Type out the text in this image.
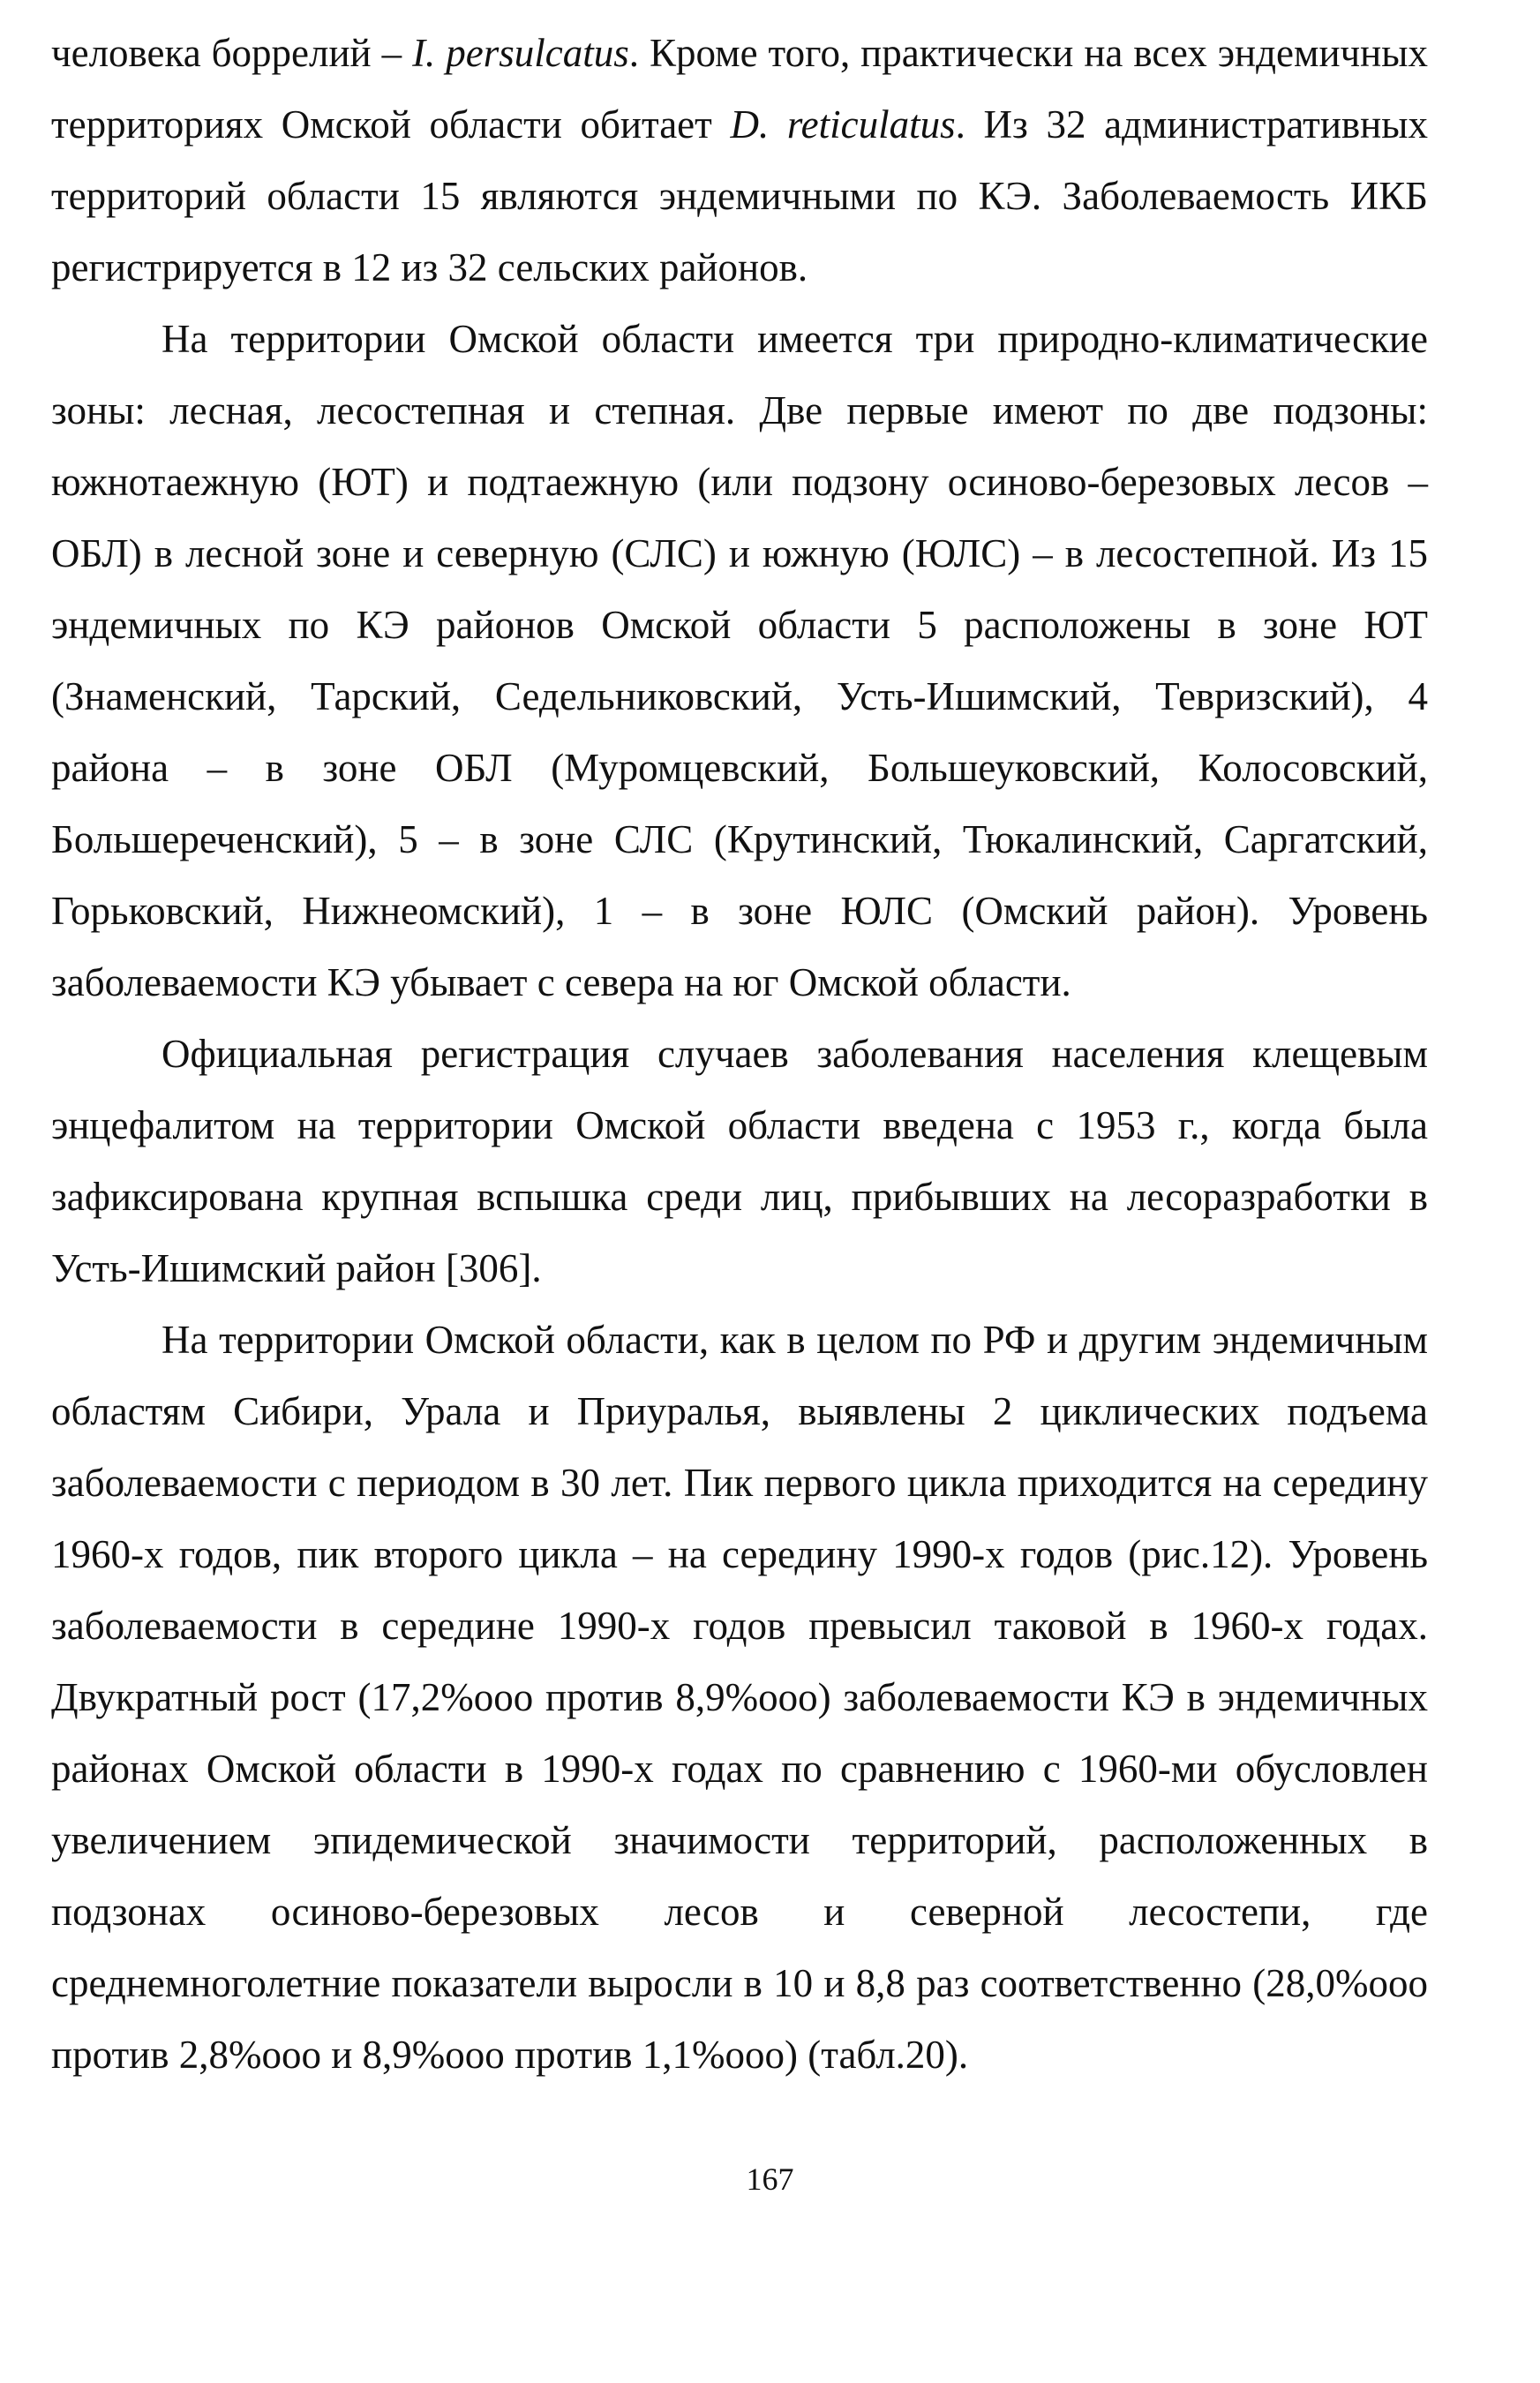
человека боррелий – I. persulcatus. Кроме того, практически на всех эндемичных территориях Омской области обитает D. reticulatus. Из 32 административных территорий области 15 являются эндемичными по КЭ. Заболеваемость ИКБ регистрируется в 12 из 32 сельских районов.

На территории Омской области имеется три природно-климатические зоны: лесная, лесостепная и степная. Две первые имеют по две подзоны: южнотаежную (ЮТ) и подтаежную (или подзону осиново-березовых лесов – ОБЛ) в лесной зоне и северную (СЛС) и южную (ЮЛС) – в лесостепной. Из 15 эндемичных по КЭ районов Омской области 5 расположены в зоне ЮТ (Знаменский, Тарский, Седельниковский, Усть-Ишимский, Тевризский), 4 района – в зоне ОБЛ (Муромцевский, Большеуковский, Колосовский, Большереченский), 5 – в зоне СЛС (Крутинский, Тюкалинский, Саргатский, Горьковский, Нижнеомский), 1 – в зоне ЮЛС (Омский район). Уровень заболеваемости КЭ убывает с севера на юг Омской области.

Официальная регистрация случаев заболевания населения клещевым энцефалитом на территории Омской области введена с 1953 г., когда была зафиксирована крупная вспышка среди лиц, прибывших на лесоразработки в Усть-Ишимский район [306].

На территории Омской области, как в целом по РФ и другим эндемичным областям Сибири, Урала и Приуралья, выявлены 2 циклических подъема заболеваемости с периодом в 30 лет. Пик первого цикла приходится на середину 1960-х годов, пик второго цикла – на середину 1990-х годов (рис.12). Уровень заболеваемости в середине 1990-х годов превысил таковой в 1960-х годах. Двукратный рост (17,2%ooo против 8,9%ooo) заболеваемости КЭ в эндемичных районах Омской области в 1990-х годах по сравнению с 1960-ми обусловлен увеличением эпидемической значимости территорий, расположенных в подзонах осиново-березовых лесов и северной лесостепи, где среднемноголетние показатели выросли в 10 и 8,8 раз соответственно (28,0%ooo против 2,8%ooo и 8,9%ooo против 1,1%ooo) (табл.20).

167
